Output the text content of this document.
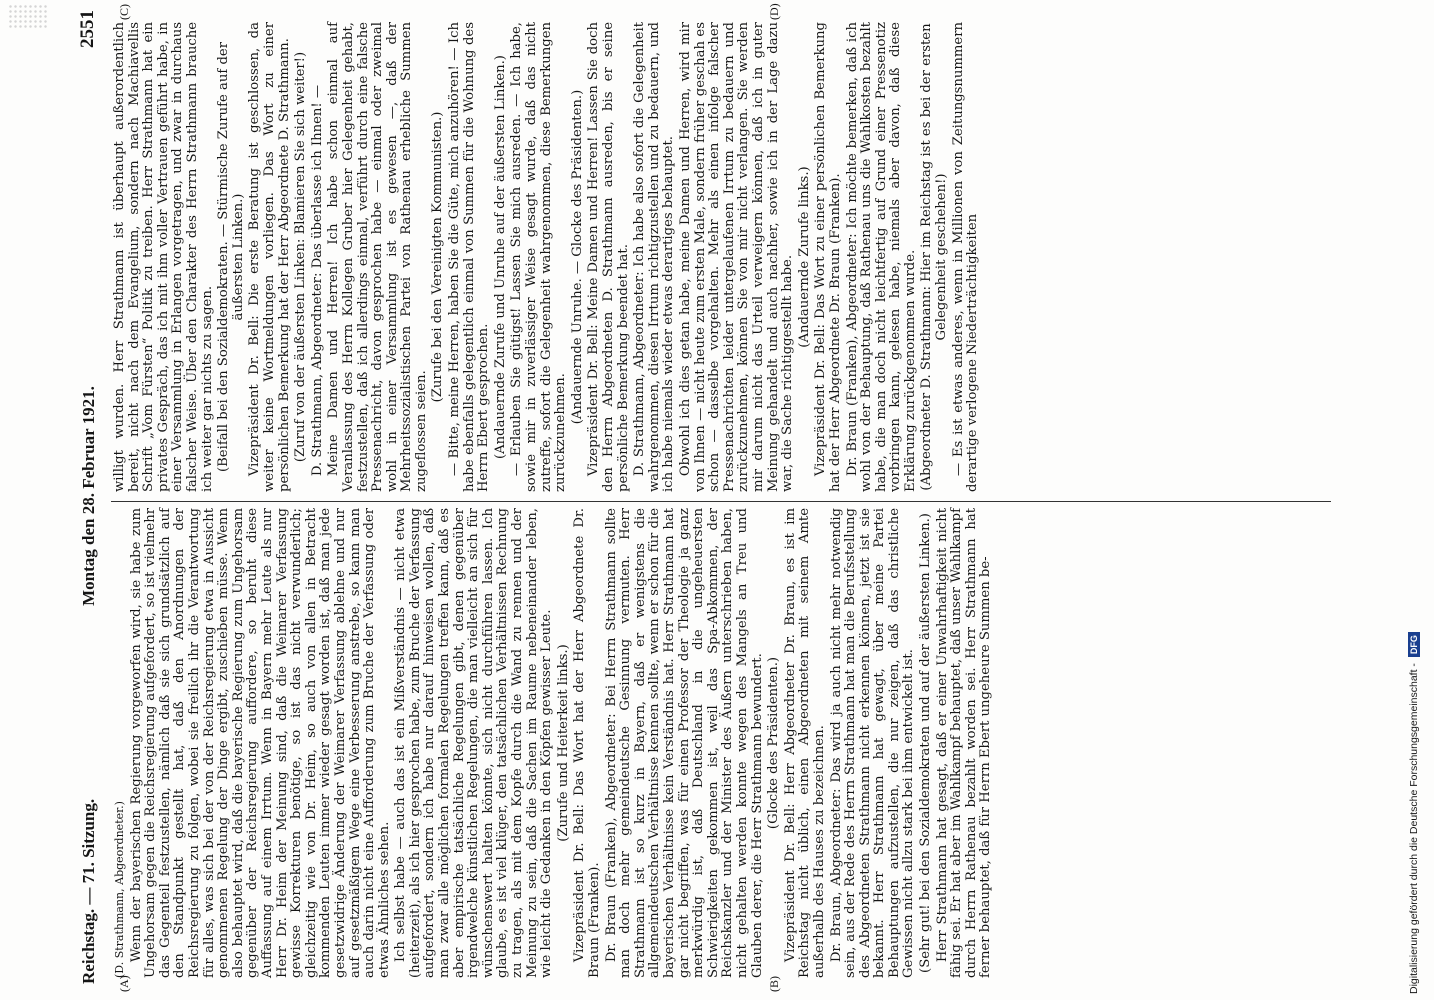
Reichstag. — 71. Sitzung.
Montag den 28. Februar 1921.
2551
(A)	(B)
(C)	(D)

(D. Strathmann, Abgeordneter.) Wenn der bayerischen Regierung vorgeworfen wird, sie habe zum Ungehorsam gegen die Reichsregierung aufgefordert, so ist vielmehr das Gegenteil festzustellen, nämlich daß sie sich grundsätzlich auf den Standpunkt gestellt hat, daß den Anordnungen der Reichsregierung zu folgen, wobei sie freilich ihr die Verantwortung für alles, was sich bei der von der Reichsregierung etwa in Aussicht genommenen Regelung der Dinge ergibt, zuschieben müsse. Wenn also behauptet wird, daß die bayerische Regierung zum Ungehorsam gegenüber der Reichsregierung auffordere, so beruht diese Auffassung auf einem Irrtum. Wenn in Bayern mehr Leute als nur Herr Dr. Heim der Meinung sind, daß die Weimarer Verfassung gewisse Korrekturen benötige, so ist das nicht verwunderlich; gleichzeitig wie von Dr. Heim, so auch von allen in Betracht kommenden Leuten immer wieder gesagt worden ist, daß man jede gesetzwidrige Änderung der Weimarer Verfassung ablehne und nur auf gesetzmäßigem Wege eine Verbesserung anstrebe, so kann man auch darin nicht eine Aufforderung zum Bruche der Verfassung oder etwas Ähnliches sehen. Ich selbst habe — auch das ist ein Mißverständnis — nicht etwa (heiterzeit), als ich hier gesprochen habe, zum Bruche der Verfassung aufgefordert, sondern ich habe nur darauf hinweisen wollen, daß man zwar alle möglichen formalen Regelungen treffen kann, daß es aber empirische tatsächliche Regelungen gibt, denen gegenüber irgendwelche künstlichen Regelungen, die man vielleicht an sich für wünschenswert halten könnte, sich nicht durchführen lassen. Ich glaube, es ist viel klüger, den tatsächlichen Verhältnissen Rechnung zu tragen, als mit dem Kopfe durch die Wand zu rennen und der Meinung zu sein, daß die Sachen im Raume nebeneinander leben, wie leicht die Gedanken in den Köpfen gewisser Leute. (Zurufe und Heiterkeit links.) Vizepräsident Dr. Bell: Das Wort hat der Herr Abgeordnete Dr. Braun (Franken). Dr. Braun (Franken), Abgeordneter: Bei Herrn Strathmann sollte man doch mehr gemeindeutsche Gesinnung vermuten. Herr Strathmann ist so kurz in Bayern, daß er wenigstens die allgemeindeutschen Verhältnisse kennen sollte, wenn er schon für die bayerischen Verhältnisse kein Verständnis hat. Herr Strathmann hat gar nicht begriffen, was für einen Professor der Theologie ja ganz merkwürdig ist, daß Deutschland in die ungeheuersten Schwierigkeiten gekommen ist, weil das Spa-Abkommen, der Reichskanzler und der Minister des Äußern unterschrieben haben, nicht gehalten werden konnte wegen des Mangels an Treu und Glauben derer, die Herr Strathmann bewundert. (Glocke des Präsidenten.) Vizepräsident Dr. Bell: Herr Abgeordneter Dr. Braun, es ist im Reichstag nicht üblich, einen Abgeordneten mit seinem Amte außerhalb des Hauses zu bezeichnen. Dr. Braun, Abgeordneter: Das wird ja auch nicht mehr notwendig sein, aus der Rede des Herrn Strathmann hat man die Berufsstellung des Abgeordneten Strathmann nicht erkennen können, jetzt ist sie bekannt. Herr Strathmann hat gewagt, über meine Partei Behauptungen aufzustellen, die nur zeigen, daß das christliche Gewissen nicht allzu stark bei ihm entwickelt ist. (Sehr gut! bei den Sozialdemokraten und auf der äußersten Linken.) Herr Strathmann hat gesagt, daß er einer Unwahrhaftigkeit nicht fähig sei. Er hat aber im Wahlkampf behauptet, daß unser Wahlkampf durch Herrn Rathenau bezahlt worden sei. Herr Strathmann hat ferner behauptet, daß für Herrn Ebert ungeheure Summen be-

willigt wurden. Herr Strathmann ist überhaupt außerordentlich bereit, nicht nach dem Evangelium, sondern nach Machiavellis Schrift „Vom Fürsten“ Politik zu treiben. Herr Strathmann hat ein privates Gespräch, das ich mit ihm voller Vertrauen geführt habe, in einer Versammlung in Erlangen vorgetragen, und zwar in durchaus falscher Weise. Über den Charakter des Herrn Strathmann brauche ich weiter gar nichts zu sagen. (Beifall bei den Sozialdemokraten. — Stürmische Zurufe auf der äußersten Linken.) Vizepräsident Dr. Bell: Die erste Beratung ist geschlossen, da weiter keine Wortmeldungen vorliegen. Das Wort zu einer persönlichen Bemerkung hat der Herr Abgeordnete D. Strathmann. (Zuruf von der äußersten Linken: Blamieren Sie sich weiter!) D. Strathmann, Abgeordneter: Das überlasse ich Ihnen! — Meine Damen und Herren! Ich habe schon einmal auf Veranlassung des Herrn Kollegen Gruber hier Gelegenheit gehabt, festzustellen, daß ich allerdings einmal, verführt durch eine falsche Pressenachricht, davon gesprochen habe — einmal oder zweimal wohl in einer Versammlung ist es gewesen —, daß der Mehrheitssozialistischen Partei von Rathenau erhebliche Summen zugeflossen seien.

(Zurufe bei den Vereinigten Kommunisten.) — Bitte, meine Herren, haben Sie die Güte, mich anzuhören! — Ich habe ebenfalls gelegentlich einmal von Summen für die Wohnung des Herrn Ebert gesprochen. (Andauernde Zurufe und Unruhe auf der äußersten Linken.) — Erlauben Sie gütigst! Lassen Sie mich ausreden. — Ich habe, sowie mir in zuverlässiger Weise gesagt wurde, daß das nicht zutreffe, sofort die Gelegenheit wahrgenommen, diese Bemerkungen zurückzunehmen.

(Andauernde Unruhe. — Glocke des Präsidenten.) Vizepräsident Dr. Bell: Meine Damen und Herren! Lassen Sie doch den Herrn Abgeordneten D. Strathmann ausreden, bis er seine persönliche Bemerkung beendet hat. D. Strathmann, Abgeordneter: Ich habe also sofort die Gelegenheit wahrgenommen, diesen Irrtum richtigzustellen und zu bedauern, und ich habe niemals wieder etwas derartiges behauptet. Obwohl ich dies getan habe, meine Damen und Herren, wird mir von Ihnen — nicht heute zum ersten Male, sondern früher geschah es schon — dasselbe vorgehalten. Mehr als einen infolge falscher Pressenachrichten leider untergelaufenen Irrtum zu bedauern und zurückzunehmen, können Sie von mir nicht verlangen. Sie werden mir darum nicht das Urteil verweigern können, daß ich in guter Meinung gehandelt und auch nachher, sowie ich in der Lage dazu war, die Sache richtiggestellt habe. (Andauernde Zurufe links.) Vizepräsident Dr. Bell: Das Wort zu einer persönlichen Bemerkung hat der Herr Abgeordnete Dr. Braun (Franken). Dr. Braun (Franken), Abgeordneter: Ich möchte bemerken, daß ich wohl von der Behauptung, daß Rathenau uns die Wahlkosten bezahlt habe, die man doch nicht leichtfertig auf Grund einer Pressenotiz vorbringen kann, gelesen habe, niemals aber davon, daß diese Erklärung zurückgenommen wurde. (Abgeordneter D. Strathmann: Hier im Reichstag ist es bei der ersten Gelegenheit geschehen!) — Es ist etwas anderes, wenn in Millionen von Zeitungsnummern derartige verlogene Niederträchtigkeiten

Digitalisierung gefördert durch die Deutsche Forschungsgemeinschaft -
DFG
